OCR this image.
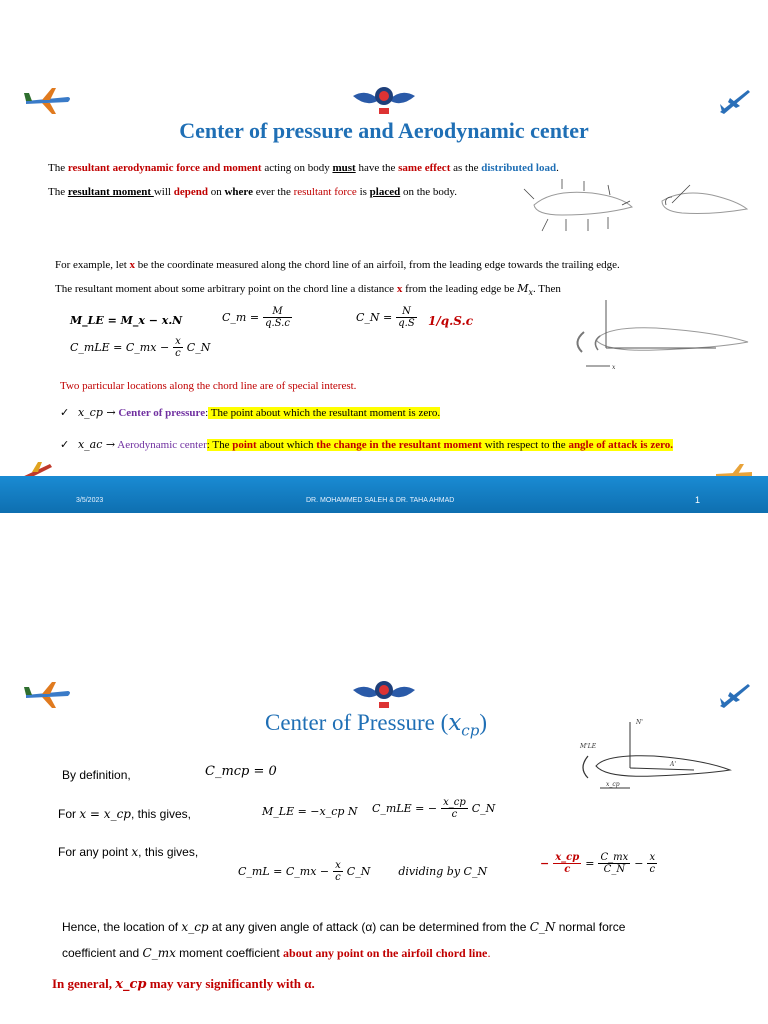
Center of pressure and Aerodynamic center
The resultant aerodynamic force and moment acting on body must have the same effect as the distributed load.
The resultant moment will depend on where ever the resultant force is placed on the body.
For example, let x be the coordinate measured along the chord line of an airfoil, from the leading edge towards the trailing edge.
The resultant moment about some arbitrary point on the chord line a distance x from the leading edge be $M_x$. Then
M_LE = M_x − x.N	C_m = $\frac{M}{q.S.c}$	C_N = $\frac{N}{q.S} 1/q.S.c$
C_mLE = C_mx − $\frac{x}{c}$ C_N
x
Two particular locations along the chord line are of special interest.
✓ x_cp → Center of pressure: The point about which the resultant moment is zero.
✓ x_ac → Aerodynamic center: The point about which the change in the resultant moment with respect to the angle of attack is zero.
3/5/2023	DR. MOHAMMED SALEH & DR. TAHA AHMAD	1
Center of Pressure $(x_{cp})$	N'
M'LE
A'
x_cp
By definition,	C_mcp = 0
For x = x_cp, this gives,	M_LE = −x_cp N C_mLE = − $\frac{x\_cp}{c}$ C_N
For any point x, this gives,
C_mL = C_mx − $\frac{x}{c}$ C_N	dividing by C_N
− $\frac{x\_cp}{c} = \frac{C\_mx}{C\_N} - \frac{x}{c}$
Hence, the location of x_cp at any given angle of attack (α) can be determined from the C_N normal force
coefficient and C_mx moment coefficient about any point on the airfoil chord line.
In general, x_cp may vary significantly with α.
